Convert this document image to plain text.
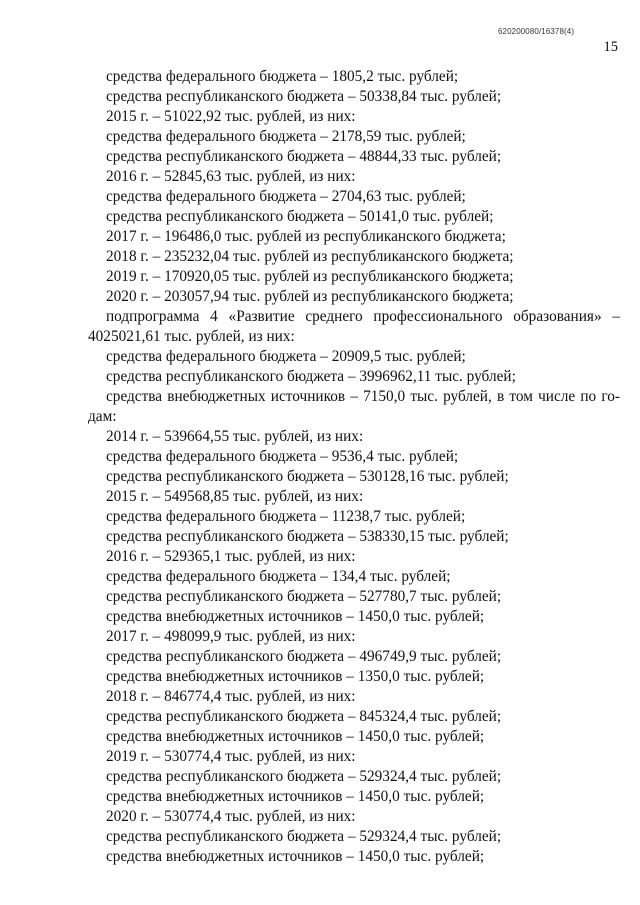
620200080/16378(4)
15
средства федерального бюджета – 1805,2 тыс. рублей;
средства республиканского бюджета – 50338,84 тыс. рублей;
2015 г. – 51022,92 тыс. рублей, из них:
средства федерального бюджета – 2178,59 тыс. рублей;
средства республиканского бюджета – 48844,33 тыс. рублей;
2016 г. – 52845,63 тыс. рублей, из них:
средства федерального бюджета – 2704,63 тыс. рублей;
средства республиканского бюджета – 50141,0 тыс. рублей;
2017 г. – 196486,0 тыс. рублей из республиканского бюджета;
2018 г. – 235232,04 тыс. рублей из республиканского бюджета;
2019 г. – 170920,05 тыс. рублей из республиканского бюджета;
2020 г. – 203057,94 тыс. рублей из республиканского бюджета;
подпрограмма 4 «Развитие среднего профессионального образования» –
4025021,61 тыс. рублей, из них:
средства федерального бюджета – 20909,5 тыс. рублей;
средства республиканского бюджета – 3996962,11 тыс. рублей;
средства внебюджетных источников – 7150,0 тыс. рублей, в том числе по го-
дам:
2014 г. – 539664,55 тыс. рублей, из них:
средства федерального бюджета – 9536,4 тыс. рублей;
средства республиканского бюджета – 530128,16 тыс. рублей;
2015 г. – 549568,85 тыс. рублей, из них:
средства федерального бюджета – 11238,7 тыс. рублей;
средства республиканского бюджета – 538330,15 тыс. рублей;
2016 г. – 529365,1 тыс. рублей, из них:
средства федерального бюджета – 134,4 тыс. рублей;
средства республиканского бюджета – 527780,7 тыс. рублей;
средства внебюджетных источников – 1450,0 тыс. рублей;
2017 г. – 498099,9 тыс. рублей, из них:
средства республиканского бюджета – 496749,9 тыс. рублей;
средства внебюджетных источников – 1350,0 тыс. рублей;
2018 г. – 846774,4 тыс. рублей, из них:
средства республиканского бюджета – 845324,4 тыс. рублей;
средства внебюджетных источников – 1450,0 тыс. рублей;
2019 г. – 530774,4 тыс. рублей, из них:
средства республиканского бюджета – 529324,4 тыс. рублей;
средства внебюджетных источников – 1450,0 тыс. рублей;
2020 г. – 530774,4 тыс. рублей, из них:
средства республиканского бюджета – 529324,4 тыс. рублей;
средства внебюджетных источников – 1450,0 тыс. рублей;
